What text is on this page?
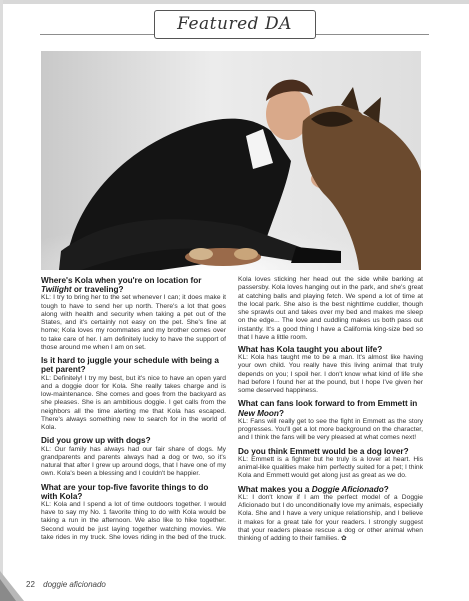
Featured DA

Where's Kola when you're on location for Twilight or traveling?

KL: I try to bring her to the set whenever I can; it does make it tough to have to send her up north. There's a lot that goes along with health and security when taking a pet out of the States, and it's certainly not easy on the pet. She's fine at home; Kola loves my roommates and my brother comes over to take care of her. I am definitely lucky to have the support of those around me when I am on set.

Is it hard to juggle your schedule with being a pet parent?

KL: Definitely! I try my best, but it's nice to have an open yard and a doggie door for Kola. She really takes charge and is low-maintenance. She comes and goes from the backyard as she pleases. She is an ambitious doggie. I get calls from the neighbors all the time alerting me that Kola has escaped. There's always something new to search for in the world of Kola.

Did you grow up with dogs?

KL: Our family has always had our fair share of dogs. My grandparents and parents always had a dog or two, so it's natural that after I grew up around dogs, that I have one of my own. Kola's been a blessing and I couldn't be happier.

What are your top-five favorite things to do with Kola?

KL: Kola and I spend a lot of time outdoors together. I would have to say my No. 1 favorite thing to do with Kola would be taking a run in the afternoon. We also like to hike together. Second would be just laying together watching movies. We take rides in my truck. She loves riding in the bed of the truck. Kola loves sticking her head out the side while barking at passersby. Kola loves hanging out in the park, and she's great at catching balls and playing fetch. We spend a lot of time at the local park. She also is the best nighttime cuddler, though she sprawls out and takes over my bed and makes me sleep on the edge... The love and cuddling makes us both pass out instantly. It's a good thing I have a California king-size bed so that I have a little room.

What has Kola taught you about life?

KL: Kola has taught me to be a man. It's almost like having your own child. You really have this living animal that truly depends on you; I spoil her. I don't know what kind of life she had before I found her at the pound, but I hope I've given her some deserved happiness.

What can fans look forward to from Emmett in New Moon?

KL: Fans will really get to see the fight in Emmett as the story progresses. You'll get a lot more background on the character, and I think the fans will be very pleased at what comes next!

Do you think Emmett would be a dog lover?

KL: Emmett is a fighter but he truly is a lover at heart. His animal-like qualities make him perfectly suited for a pet; I think Kola and Emmett would get along just as great as we do.

What makes you a Doggie Aficionado?

KL: I don't know if I am the perfect model of a Doggie Aficionado but I do unconditionally love my animals, especially Kola. She and I have a very unique relationship, and I believe it makes for a great tale for your readers. I strongly suggest that your readers please rescue a dog or other animal when thinking of adding to their families. ✿

22 doggie aficionado
